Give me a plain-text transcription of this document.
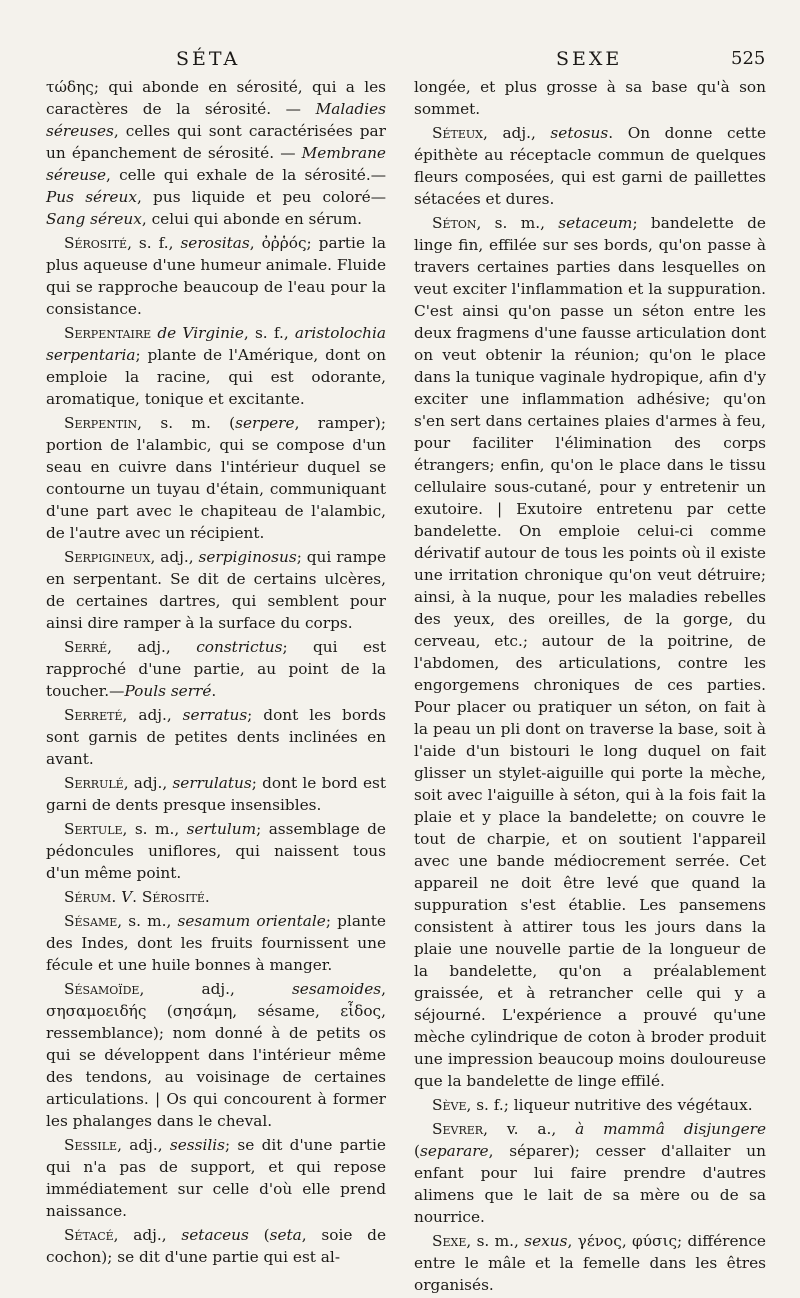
SÉTA	SEXE	525

τώδης; qui abonde en sérosité, qui a les caractères de la sérosité. — Maladies séreuses, celles qui sont caractérisées par un épanchement de sérosité. — Membrane séreuse, celle qui exhale de la sérosité.—Pus séreux, pus liquide et peu coloré—Sang séreux, celui qui abonde en sérum.

Sérosité, s. f., serositas, ὀῤῥός; partie la plus aqueuse d'une humeur animale. Fluide qui se rapproche beaucoup de l'eau pour la consistance.

Serpentaire de Virginie, s. f., aristolochia serpentaria; plante de l'Amérique, dont on emploie la racine, qui est odorante, aromatique, tonique et excitante.

Serpentin, s. m. (serpere, ramper); portion de l'alambic, qui se compose d'un seau en cuivre dans l'intérieur duquel se contourne un tuyau d'étain, communiquant d'une part avec le chapiteau de l'alambic, de l'autre avec un récipient.

Serpigineux, adj., serpiginosus; qui rampe en serpentant. Se dit de certains ulcères, de certaines dartres, qui semblent pour ainsi dire ramper à la surface du corps.

Serré, adj., constrictus; qui est rapproché d'une partie, au point de la toucher.—Pouls serré.

Serreté, adj., serratus; dont les bords sont garnis de petites dents inclinées en avant.

Serrulé, adj., serrulatus; dont le bord est garni de dents presque insensibles.

Sertule, s. m., sertulum; assemblage de pédoncules uniflores, qui naissent tous d'un même point.

Sérum. V. Sérosité.

Sésame, s. m., sesamum orientale; plante des Indes, dont les fruits fournissent une fécule et une huile bonnes à manger.

Sésamoïde, adj., sesamoides, σησαμοειδής (σησάμη, sésame, εἶδος, ressemblance); nom donné à de petits os qui se développent dans l'intérieur même des tendons, au voisinage de certaines articulations. | Os qui concourent à former les phalanges dans le cheval.

Sessile, adj., sessilis; se dit d'une partie qui n'a pas de support, et qui repose immédiatement sur celle d'où elle prend naissance.

Sétacé, adj., setaceus (seta, soie de cochon); se dit d'une partie qui est al-

longée, et plus grosse à sa base qu'à son sommet.

Séteux, adj., setosus. On donne cette épithète au réceptacle commun de quelques fleurs composées, qui est garni de paillettes sétacées et dures.

Séton, s. m., setaceum; bandelette de linge fin, effilée sur ses bords, qu'on passe à travers certaines parties dans lesquelles on veut exciter l'inflammation et la suppuration. C'est ainsi qu'on passe un séton entre les deux fragmens d'une fausse articulation dont on veut obtenir la réunion; qu'on le place dans la tunique vaginale hydropique, afin d'y exciter une inflammation adhésive; qu'on s'en sert dans certaines plaies d'armes à feu, pour faciliter l'élimination des corps étrangers; enfin, qu'on le place dans le tissu cellulaire sous-cutané, pour y entretenir un exutoire. | Exutoire entretenu par cette bandelette. On emploie celui-ci comme dérivatif autour de tous les points où il existe une irritation chronique qu'on veut détruire; ainsi, à la nuque, pour les maladies rebelles des yeux, des oreilles, de la gorge, du cerveau, etc.; autour de la poitrine, de l'abdomen, des articulations, contre les engorgemens chroniques de ces parties. Pour placer ou pratiquer un séton, on fait à la peau un pli dont on traverse la base, soit à l'aide d'un bistouri le long duquel on fait glisser un stylet-aiguille qui porte la mèche, soit avec l'aiguille à séton, qui à la fois fait la plaie et y place la bandelette; on couvre le tout de charpie, et on soutient l'appareil avec une bande médiocrement serrée. Cet appareil ne doit être levé que quand la suppuration s'est établie. Les pansemens consistent à attirer tous les jours dans la plaie une nouvelle partie de la longueur de la bandelette, qu'on a préalablement graissée, et à retrancher celle qui y a séjourné. L'expérience a prouvé qu'une mèche cylindrique de coton à broder produit une impression beaucoup moins douloureuse que la bandelette de linge effilé.

Sève, s. f.; liqueur nutritive des végétaux.

Sevrer, v. a., à mammâ disjungere (separare, séparer); cesser d'allaiter un enfant pour lui faire prendre d'autres alimens que le lait de sa mère ou de sa nourrice.

Sexe, s. m., sexus, γένος, φύσις; différence entre le mâle et la femelle dans les êtres organisés.
